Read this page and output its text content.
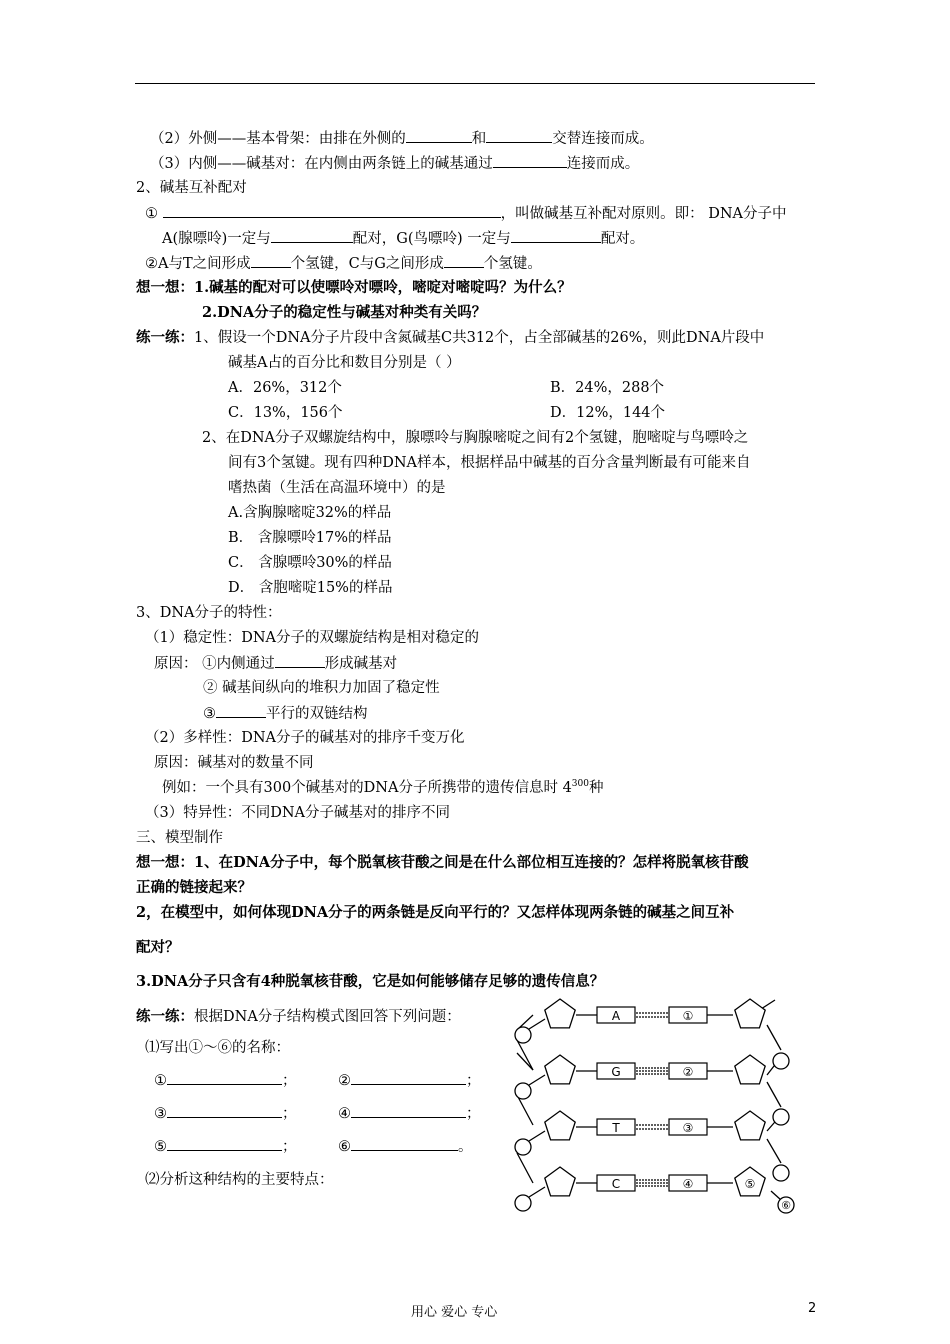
（2）外侧——基本骨架：由排在外侧的	和	交替连接而成。
（3）内侧——碱基对：在内侧由两条链上的碱基通过	连接而成。
2、碱基互补配对
①	，叫做碱基互补配对原则。即： DNA分子中
A(腺嘌呤)一定与	配对，G(鸟嘌呤) 一定与	配对。
②A与T之间形成	个氢键，C与G之间形成	个氢键。
想一想：1.碱基的配对可以使嘌呤对嘌呤，嘧啶对嘧啶吗？为什么？
2.DNA分子的稳定性与碱基对种类有关吗？
练一练：1、假设一个DNA分子片段中含氮碱基C共312个，占全部碱基的26%，则此DNA片段中
碱基A占的百分比和数目分别是（ ）
A．26%，312个	B．24%，288个
C．13%，156个	D．12%，144个
2、在DNA分子双螺旋结构中，腺嘌呤与胸腺嘧啶之间有2个氢键，胞嘧啶与鸟嘌呤之
间有3个氢键。现有四种DNA样本，根据样品中碱基的百分含量判断最有可能来自
嗜热菌（生活在高温环境中）的是
A.含胸腺嘧啶32%的样品
B． 含腺嘌呤17%的样品
C． 含腺嘌呤30%的样品
D． 含胞嘧啶15%的样品
3、DNA分子的特性：
（1）稳定性：DNA分子的双螺旋结构是相对稳定的
原因： ①内侧通过	形成碱基对
② 碱基间纵向的堆积力加固了稳定性
③	平行的双链结构
（2）多样性：DNA分子的碱基对的排序千变万化
原因：碱基对的数量不同
例如：一个具有300个碱基对的DNA分子所携带的遗传信息时 $4^{300}$种
（3）特异性：不同DNA分子碱基对的排序不同
三、模型制作
想一想：1、在DNA分子中，每个脱氧核苷酸之间是在什么部位相互连接的？怎样将脱氧核苷酸
正确的链接起来？
2，在模型中，如何体现DNA分子的两条链是反向平行的？又怎样体现两条链的碱基之间互补
配对？
3.DNA分子只含有4种脱氧核苷酸，它是如何能够储存足够的遗传信息？
练一练：根据DNA分子结构模式图回答下列问题：
⑴写出①～⑥的名称：
①	；	②	；
③	；	④	；
⑤	；	⑥	。
⑵分析这种结构的主要特点：
A	①
G	②
T	③
C	④	⑤
⑥
用心 爱心 专心	2
